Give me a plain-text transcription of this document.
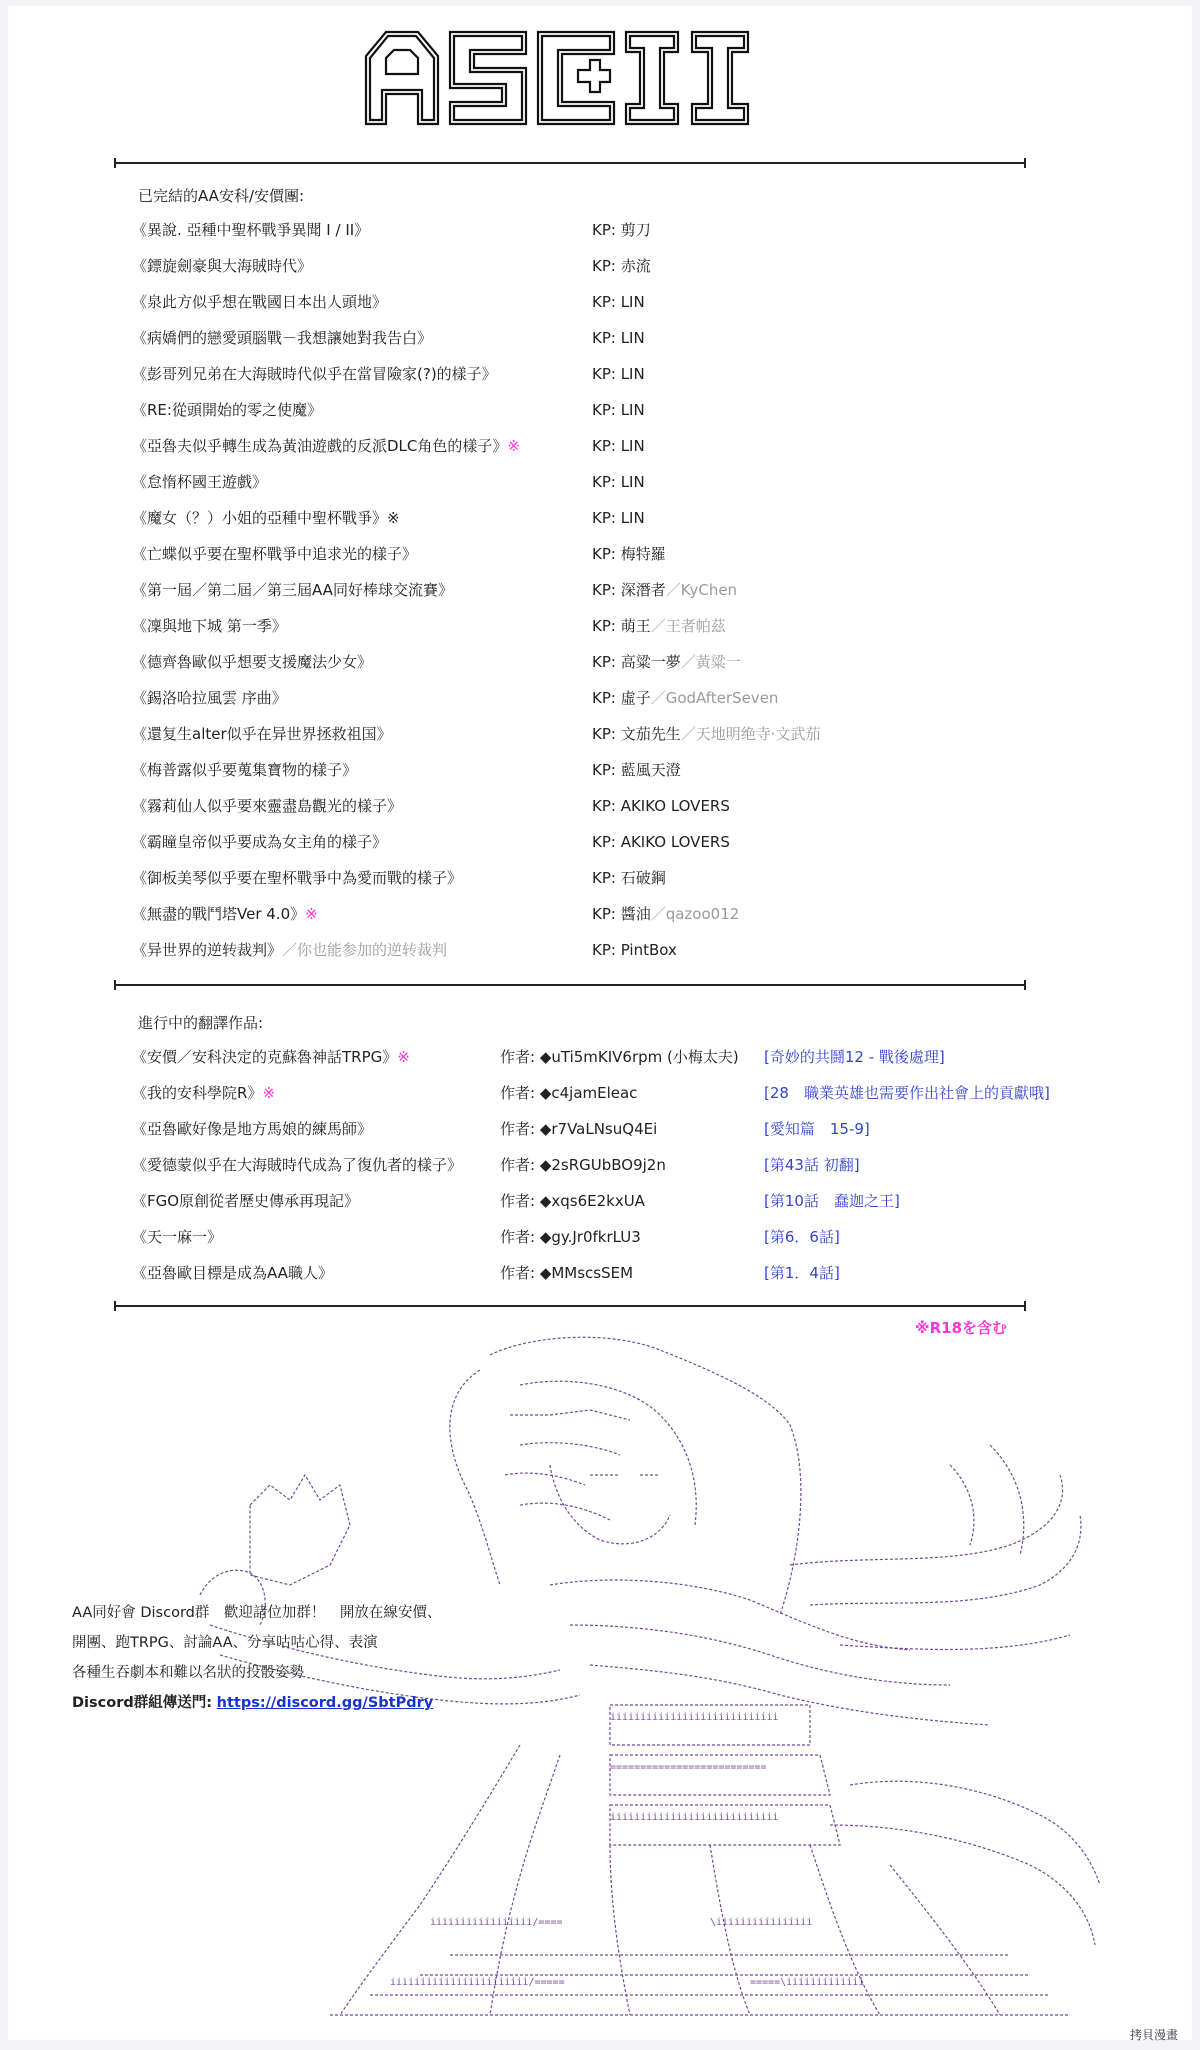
已完結的AA安科/安價團:
《異說. 亞種中聖杯戰爭異聞 I / II》	KP: 剪刀
《鏢旋劍豪與大海賊時代》	KP: 赤流
《泉此方似乎想在戰國日本出人頭地》	KP: LIN
《病嬌們的戀愛頭腦戰－我想讓她對我告白》	KP: LIN
《彭哥列兄弟在大海賊時代似乎在當冒險家(?)的樣子》	KP: LIN
《RE:從頭開始的零之使魔》	KP: LIN
《亞魯夫似乎轉生成為黃油遊戲的反派DLC角色的樣子》※	KP: LIN
《怠惰杯國王遊戲》	KP: LIN
《魔女（？）小姐的亞種中聖杯戰爭》※	KP: LIN
《亡蝶似乎要在聖杯戰爭中追求光的樣子》	KP: 梅特羅
《第一屆／第二屆／第三屆AA同好棒球交流賽》	KP: 深潛者／KyChen
《凜與地下城 第一季》	KP: 萌王／王者帕茲
《德齊魯歐似乎想要支援魔法少女》	KP: 高粱一夢／黃粱一
《錫洛哈拉風雲 序曲》	KP: 虛子／GodAfterSeven
《還复生alter似乎在异世界拯救祖国》	KP: 文茄先生／天地明绝寺·文武茄
《梅普露似乎要蒐集寶物的樣子》	KP: 藍風天澄
《霧莉仙人似乎要來靈盡島觀光的樣子》	KP: AKIKO LOVERS
《霸瞳皇帝似乎要成為女主角的樣子》	KP: AKIKO LOVERS
《御板美琴似乎要在聖杯戰爭中為愛而戰的樣子》	KP: 石破鋼
《無盡的戰鬥塔Ver 4.0》※	KP: 醬油／qazoo012
《异世界的逆转裁判》／你也能参加的逆转裁判	KP: PintBox
進行中的翻譯作品:
《安價／安科決定的克蘇魯神話TRPG》※	作者: ◆uTi5mKIV6rpm (小梅太夫) [奇妙的共鬪12 - 戰後處理]
《我的安科學院R》※	作者: ◆c4jamEleac	[28　職業英雄也需要作出社會上的貢獻哦]
《亞魯歐好像是地方馬娘的練馬師》	作者: ◆r7VaLNsuQ4Ei	[愛知篇　15-9]
《愛德蒙似乎在大海賊時代成為了復仇者的樣子》	作者: ◆2sRGUbBO9j2n	[第43話 初翻]
《FGO原創從者歷史傳承再現記》	作者: ◆xqs6E2kxUA	[第10話　蠢迦之王]
《天一麻一》	作者: ◆gy.Jr0fkrLU3	[第6．6話]
《亞魯歐目標是成為AA職人》	作者: ◆MMscsSEM	[第1．4話]
※R18を含む
iiiiiiiiiiiiiiiiiiiiiiiiiiii
==========================
iiiiiiiiiiiiiiiiiiiiiiiiiiii
iiiiiiiiiiiiiiiii/====	\iiiiiiiiiiiiiiii
iiiiiiiiiiiiiiiiiiiiiii/=====	=====\iiiiiiiiiiiii
AA同好會 Discord群　歡迎諸位加群！　開放在線安價、
開團、跑TRPG、討論AA、分享咕咕心得、表演
各種生吞劇本和難以名狀的投骰姿勢
Discord群組傳送門: https://discord.gg/SbtPdry
拷貝漫畫
